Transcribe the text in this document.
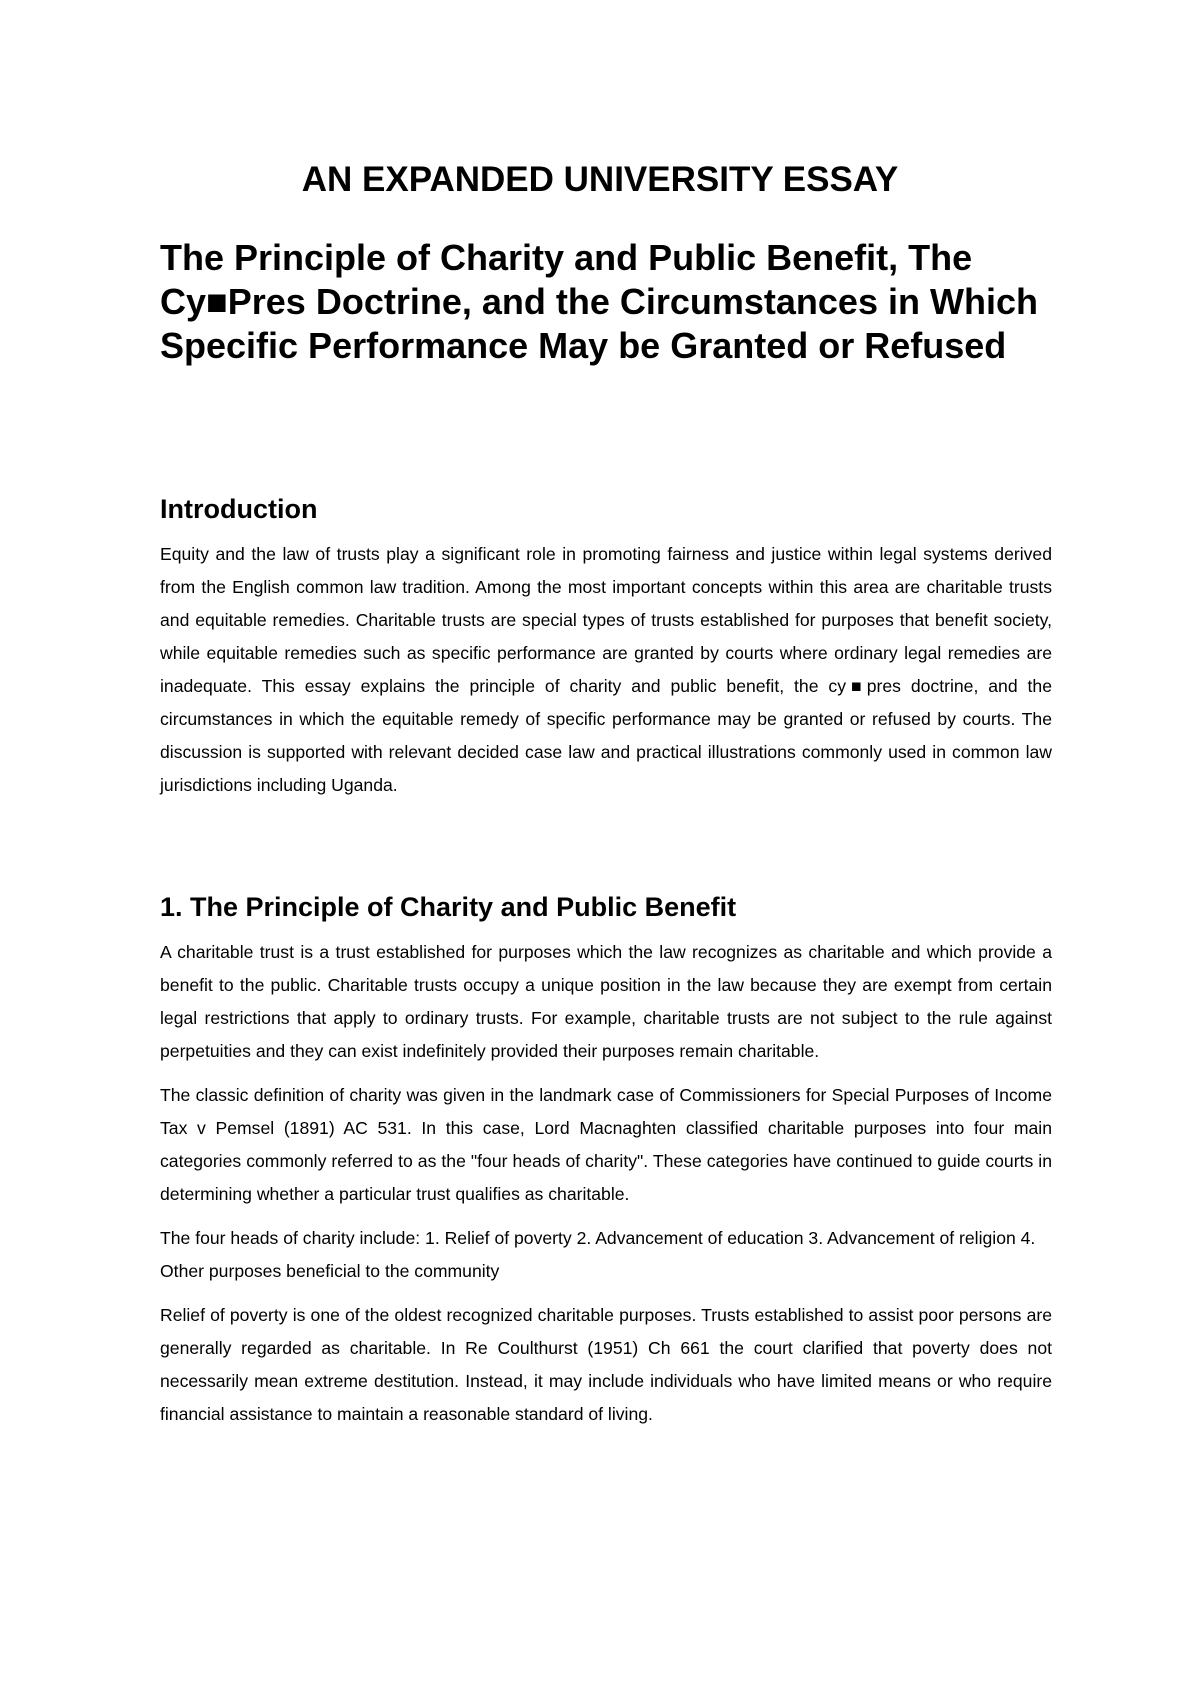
AN EXPANDED UNIVERSITY ESSAY
The Principle of Charity and Public Benefit, The Cy■Pres Doctrine, and the Circumstances in Which Specific Performance May be Granted or Refused
Introduction

Equity and the law of trusts play a significant role in promoting fairness and justice within legal systems derived from the English common law tradition. Among the most important concepts within this area are charitable trusts and equitable remedies. Charitable trusts are special types of trusts established for purposes that benefit society, while equitable remedies such as specific performance are granted by courts where ordinary legal remedies are inadequate. This essay explains the principle of charity and public benefit, the cy■pres doctrine, and the circumstances in which the equitable remedy of specific performance may be granted or refused by courts. The discussion is supported with relevant decided case law and practical illustrations commonly used in common law jurisdictions including Uganda.

1. The Principle of Charity and Public Benefit

A charitable trust is a trust established for purposes which the law recognizes as charitable and which provide a benefit to the public. Charitable trusts occupy a unique position in the law because they are exempt from certain legal restrictions that apply to ordinary trusts. For example, charitable trusts are not subject to the rule against perpetuities and they can exist indefinitely provided their purposes remain charitable.

The classic definition of charity was given in the landmark case of Commissioners for Special Purposes of Income Tax v Pemsel (1891) AC 531. In this case, Lord Macnaghten classified charitable purposes into four main categories commonly referred to as the "four heads of charity". These categories have continued to guide courts in determining whether a particular trust qualifies as charitable.

The four heads of charity include: 1. Relief of poverty 2. Advancement of education 3. Advancement of religion 4. Other purposes beneficial to the community

Relief of poverty is one of the oldest recognized charitable purposes. Trusts established to assist poor persons are generally regarded as charitable. In Re Coulthurst (1951) Ch 661 the court clarified that poverty does not necessarily mean extreme destitution. Instead, it may include individuals who have limited means or who require financial assistance to maintain a reasonable standard of living.
